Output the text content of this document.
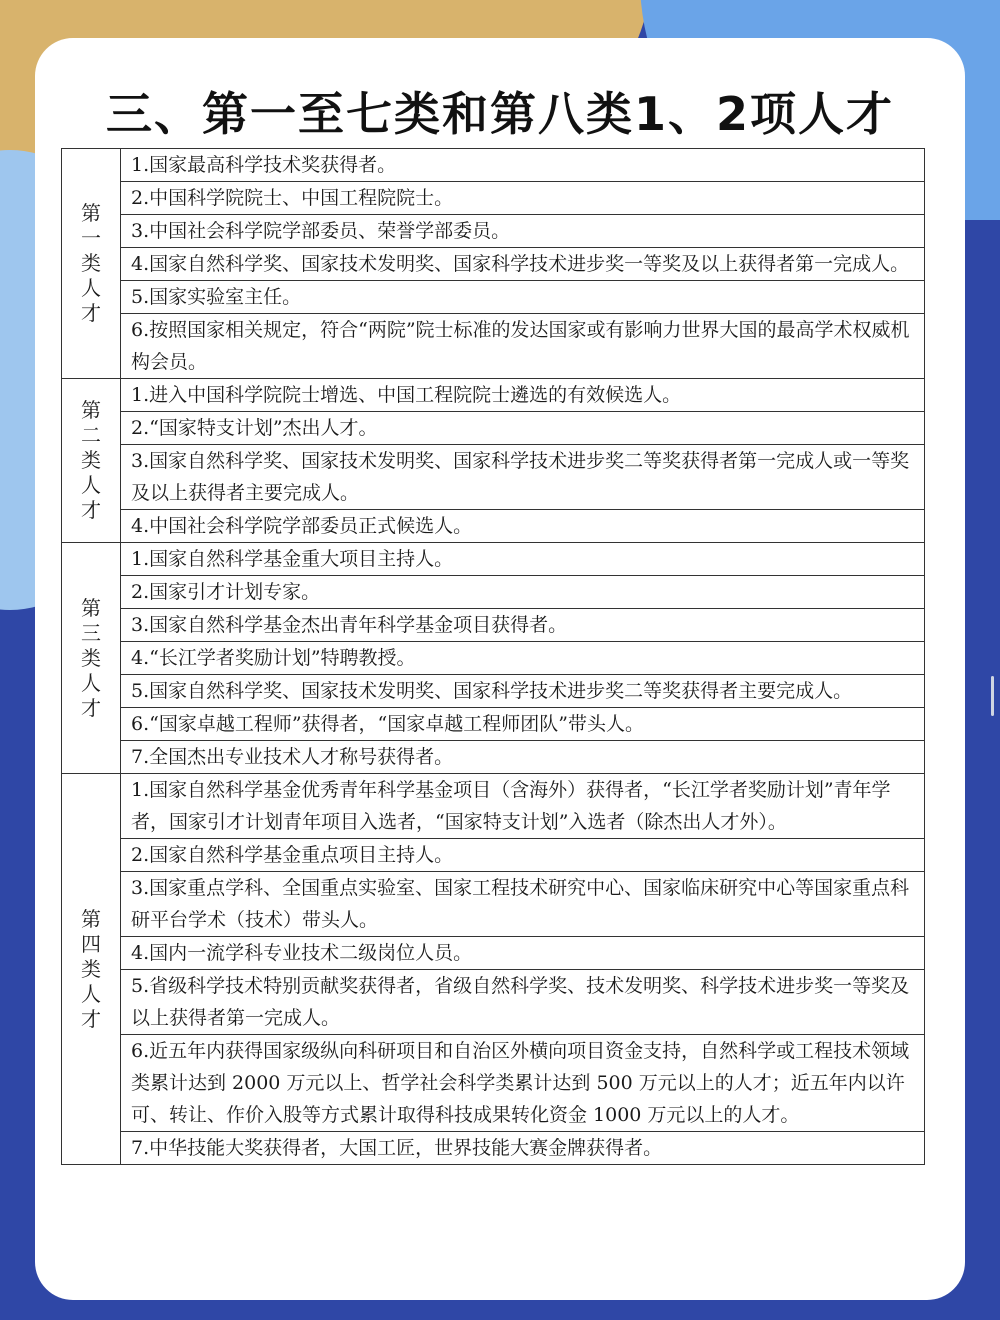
三、第一至七类和第八类1、2项人才
第一类人才	1.国家最高科学技术奖获得者。
	2.中国科学院院士、中国工程院院士。
	3.中国社会科学院学部委员、荣誉学部委员。
	4.国家自然科学奖、国家技术发明奖、国家科学技术进步奖一等奖及以上获得者第一完成人。
	5.国家实验室主任。
	6.按照国家相关规定，符合“两院”院士标准的发达国家或有影响力世界大国的最高学术权威机构会员。

第二类人才	1.进入中国科学院院士增选、中国工程院院士遴选的有效候选人。
	2.“国家特支计划”杰出人才。
	3.国家自然科学奖、国家技术发明奖、国家科学技术进步奖二等奖获得者第一完成人或一等奖及以上获得者主要完成人。
	4.中国社会科学院学部委员正式候选人。

第三类人才	1.国家自然科学基金重大项目主持人。
	2.国家引才计划专家。
	3.国家自然科学基金杰出青年科学基金项目获得者。
	4.“长江学者奖励计划”特聘教授。
	5.国家自然科学奖、国家技术发明奖、国家科学技术进步奖二等奖获得者主要完成人。
	6.“国家卓越工程师”获得者，“国家卓越工程师团队”带头人。
	7.全国杰出专业技术人才称号获得者。

第四类人才	1.国家自然科学基金优秀青年科学基金项目（含海外）获得者，“长江学者奖励计划”青年学者，国家引才计划青年项目入选者，“国家特支计划”入选者（除杰出人才外）。
	2.国家自然科学基金重点项目主持人。
	3.国家重点学科、全国重点实验室、国家工程技术研究中心、国家临床研究中心等国家重点科研平台学术（技术）带头人。
	4.国内一流学科专业技术二级岗位人员。
	5.省级科学技术特别贡献奖获得者，省级自然科学奖、技术发明奖、科学技术进步奖一等奖及以上获得者第一完成人。
	6.近五年内获得国家级纵向科研项目和自治区外横向项目资金支持，自然科学或工程技术领域类累计达到 2000 万元以上、哲学社会科学类累计达到 500 万元以上的人才；近五年内以许可、转让、作价入股等方式累计取得科技成果转化资金 1000 万元以上的人才。
	7.中华技能大奖获得者，大国工匠，世界技能大赛金牌获得者。
